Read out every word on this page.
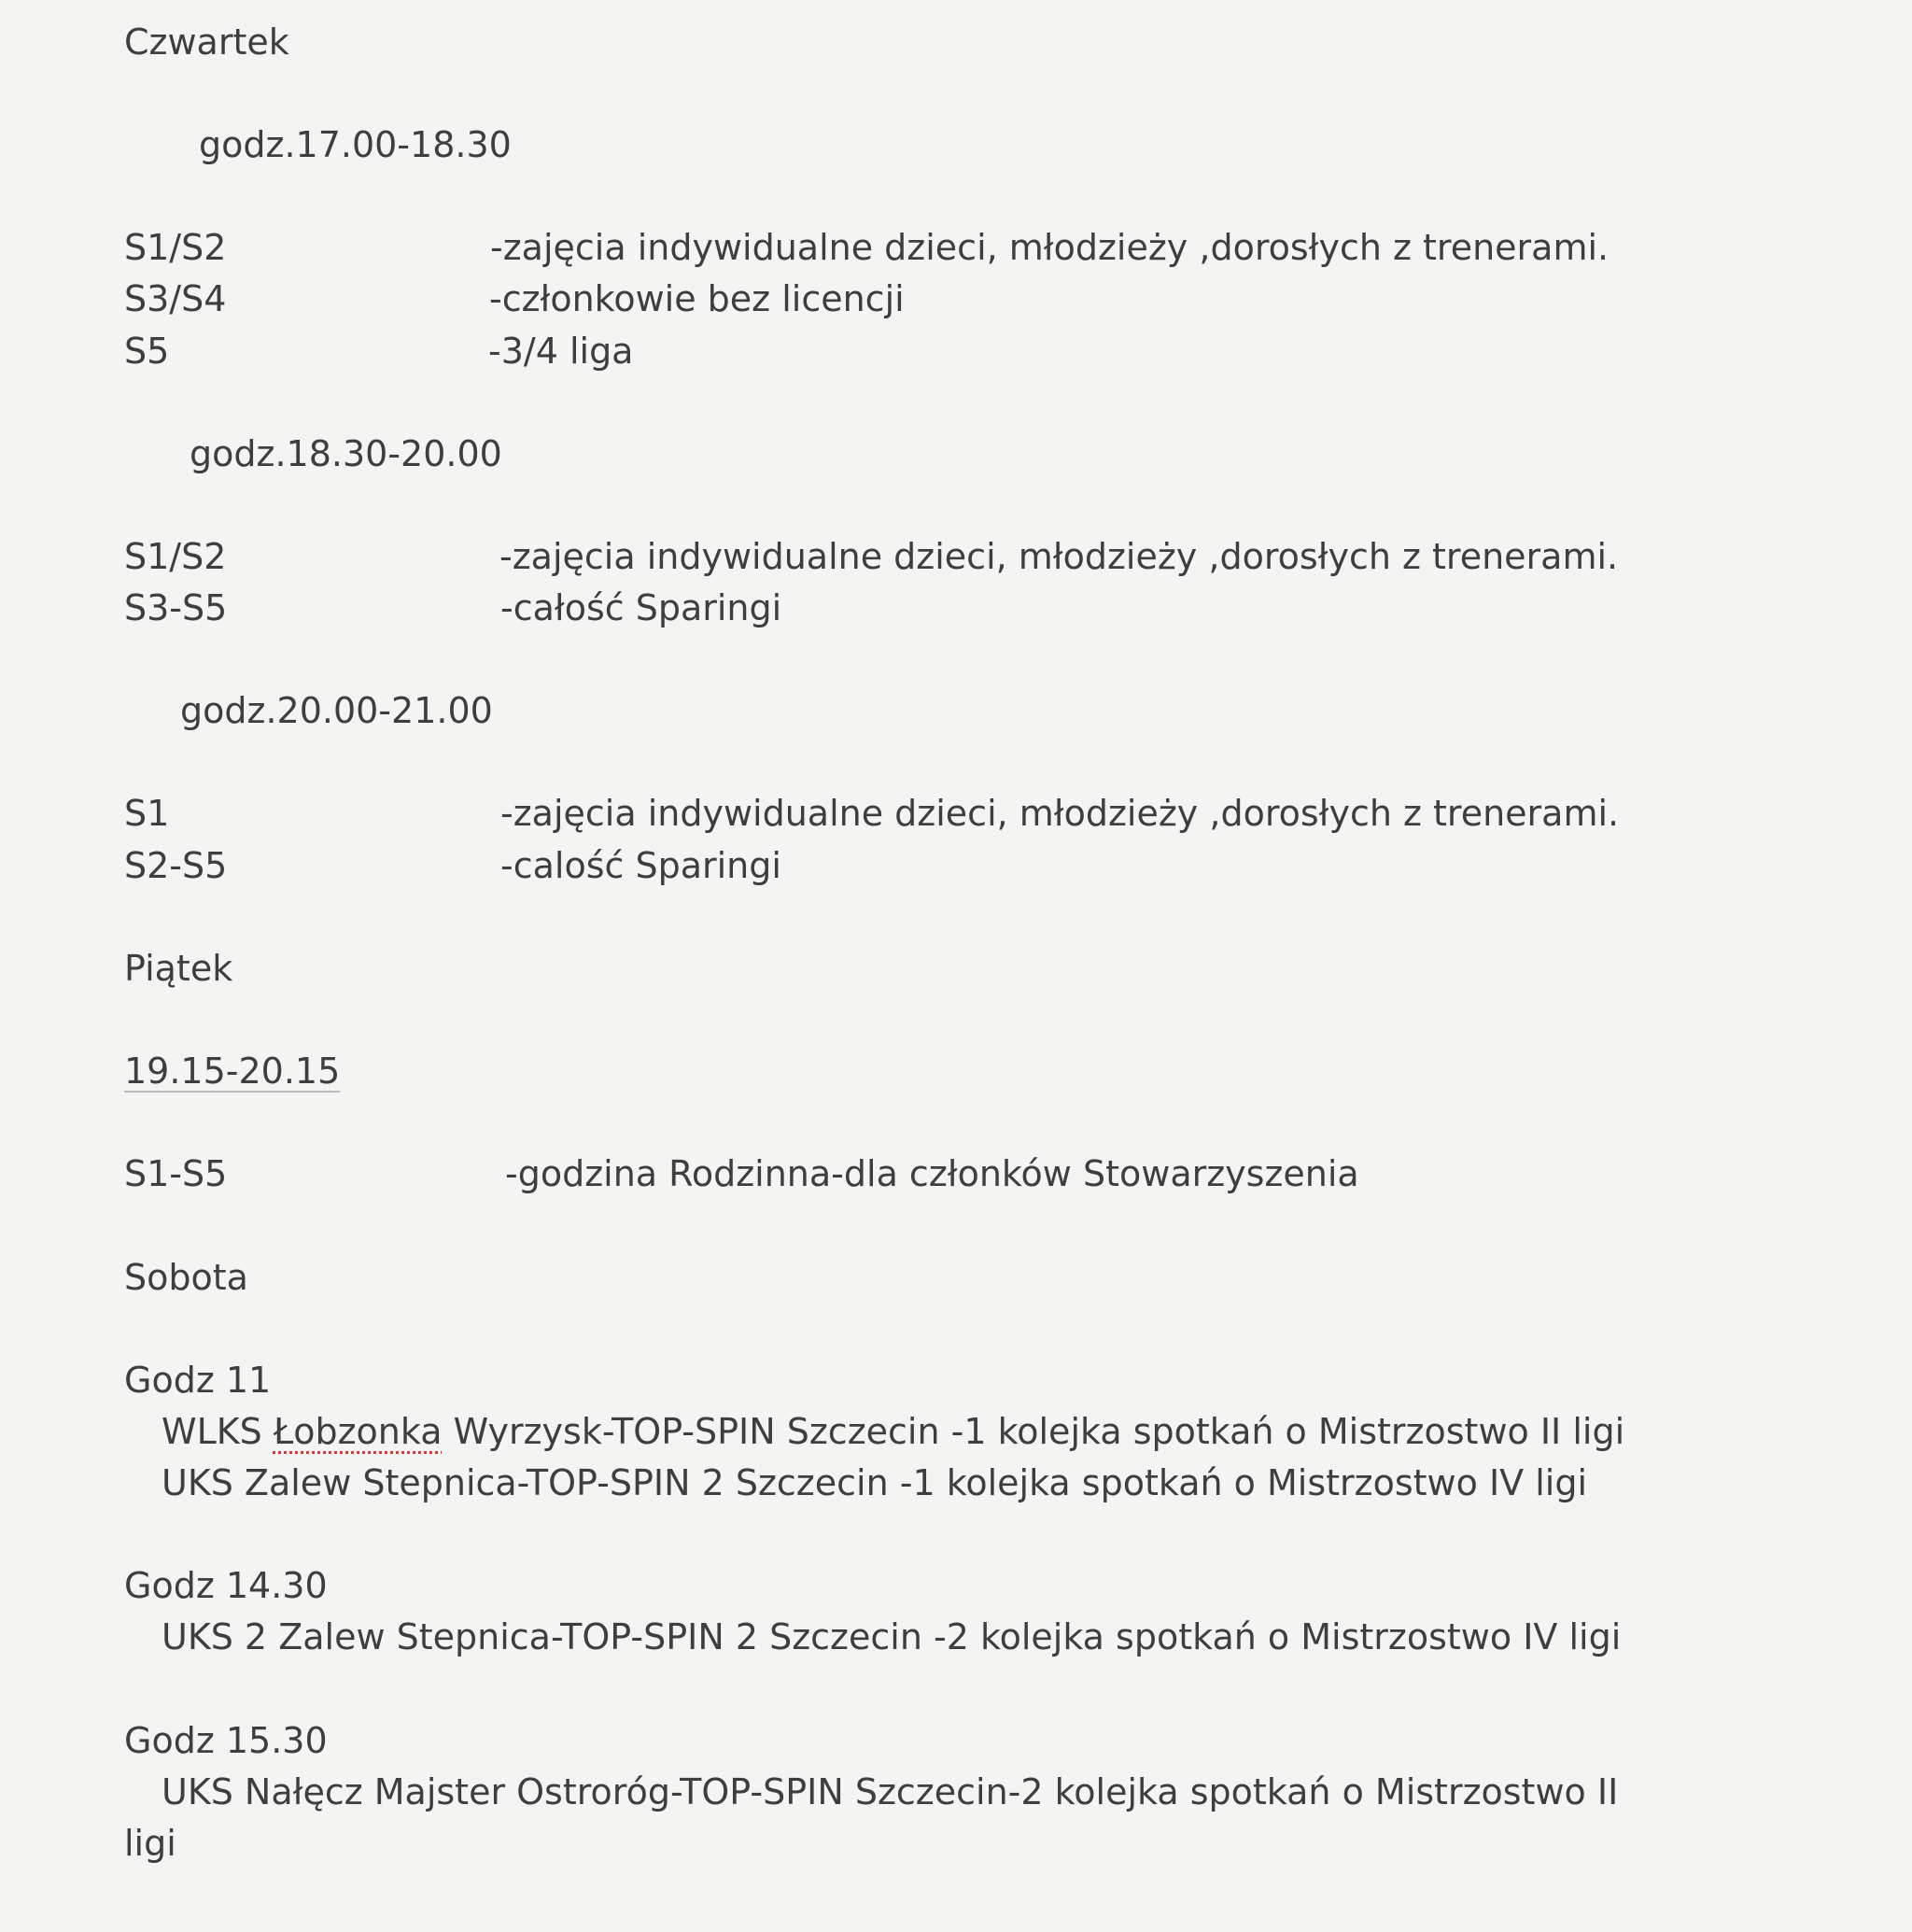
Czwartek

godz.17.00-18.30

S1/S2	-zajęcia indywidualne dzieci, młodzieży ,dorosłych z trenerami.

S3/S4	-członkowie bez licencji

S5	-3/4 liga

godz.18.30-20.00

S1/S2	-zajęcia indywidualne dzieci, młodzieży ,dorosłych z trenerami.

S3-S5	-całość Sparingi

godz.20.00-21.00

S1	-zajęcia indywidualne dzieci, młodzieży ,dorosłych z trenerami.

S2-S5	-calość Sparingi

Piątek

19.15-20.15

S1-S5	-godzina Rodzinna-dla członków Stowarzyszenia

Sobota

Godz 11

WLKS Łobzonka Wyrzysk-TOP-SPIN Szczecin -1 kolejka spotkań o Mistrzostwo II ligi

UKS Zalew Stepnica-TOP-SPIN 2 Szczecin -1 kolejka spotkań o Mistrzostwo IV ligi

Godz 14.30

UKS 2 Zalew Stepnica-TOP-SPIN 2 Szczecin -2 kolejka spotkań o Mistrzostwo IV ligi

Godz 15.30

UKS Nałęcz Majster Ostroróg-TOP-SPIN Szczecin-2 kolejka spotkań o Mistrzostwo II

ligi
